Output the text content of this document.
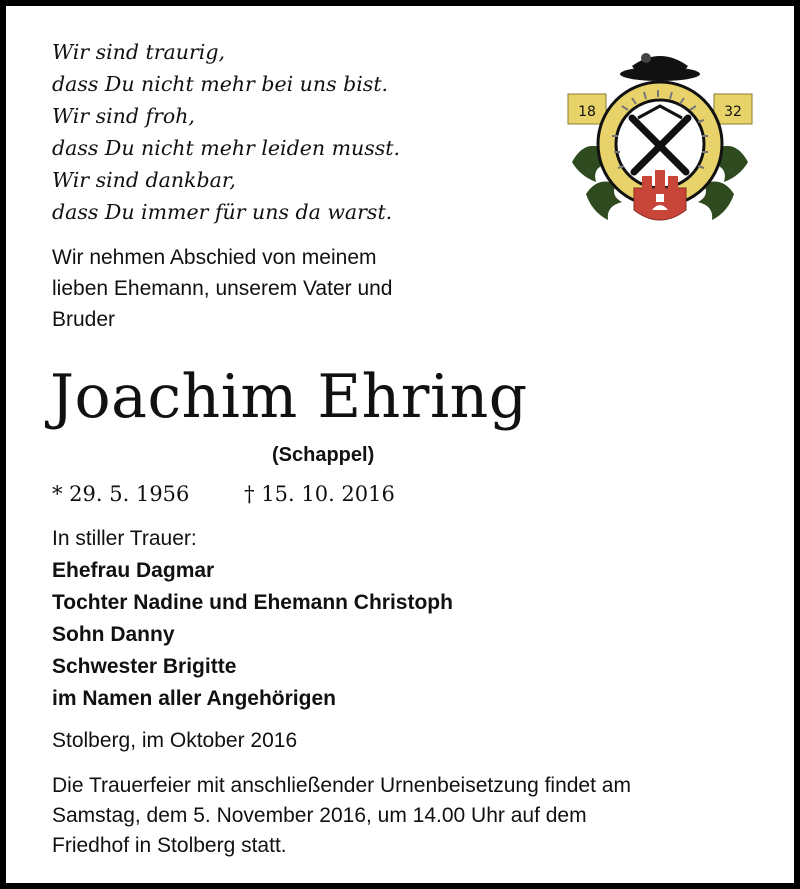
Wir sind traurig,
dass Du nicht mehr bei uns bist.
Wir sind froh,
dass Du nicht mehr leiden musst.
Wir sind dankbar,
dass Du immer für uns da warst.
18	32
Wir nehmen Abschied von meinem
lieben Ehemann, unserem Vater und
Bruder
Joachim Ehring
(Schappel)
* 29. 5. 1956	† 15. 10. 2016
In stiller Trauer:
Ehefrau Dagmar
Tochter Nadine und Ehemann Christoph
Sohn Danny
Schwester Brigitte
im Namen aller Angehörigen
Stolberg, im Oktober 2016
Die Trauerfeier mit anschließender Urnenbeisetzung findet am
Samstag, dem 5. November 2016, um 14.00 Uhr auf dem
Friedhof in Stolberg statt.
